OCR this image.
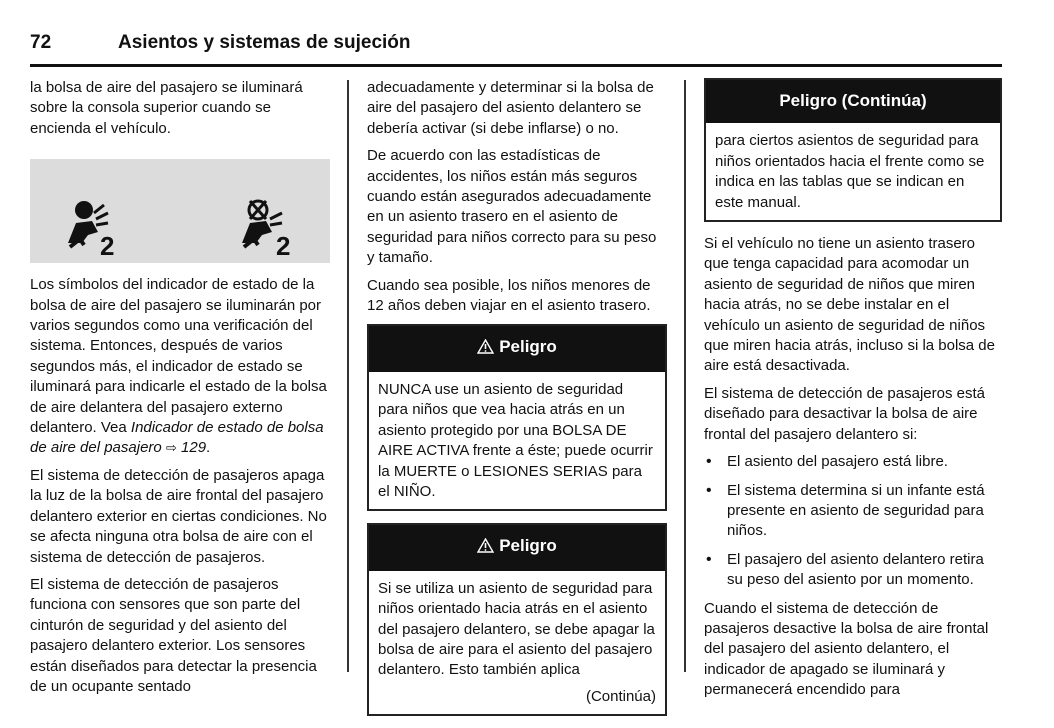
72	Asientos y sistemas de sujeción

la bolsa de aire del pasajero se iluminará sobre la consola superior cuando se encienda el vehículo.

2	2

Los símbolos del indicador de estado de la bolsa de aire del pasajero se iluminarán por varios segundos como una verificación del sistema. Entonces, después de varios segundos más, el indicador de estado se iluminará para indicarle el estado de la bolsa de aire delantera del pasajero externo delantero. Vea Indicador de estado de bolsa de aire del pasajero ⇨ 129.

El sistema de detección de pasajeros apaga la luz de la bolsa de aire frontal del pasajero delantero exterior en ciertas condiciones. No se afecta ninguna otra bolsa de aire con el sistema de detección de pasajeros.

El sistema de detección de pasajeros funciona con sensores que son parte del cinturón de seguridad y del asiento del pasajero delantero exterior. Los sensores están diseñados para detectar la presencia de un ocupante sentado

adecuadamente y determinar si la bolsa de aire del pasajero del asiento delantero se debería activar (si debe inflarse) o no.

De acuerdo con las estadísticas de accidentes, los niños están más seguros cuando están asegurados adecuadamente en un asiento trasero en el asiento de seguridad para niños correcto para su peso y tamaño.

Cuando sea posible, los niños menores de 12 años deben viajar en el asiento trasero.

Peligro
NUNCA use un asiento de seguridad para niños que vea hacia atrás en un asiento protegido por una BOLSA DE AIRE ACTIVA frente a éste; puede ocurrir la MUERTE o LESIONES SERIAS para el NIÑO.
Peligro
Si se utiliza un asiento de seguridad para niños orientado hacia atrás en el asiento del pasajero delantero, se debe apagar la bolsa de aire para el asiento del pasajero delantero. Esto también aplica
(Continúa)
Peligro (Continúa)
para ciertos asientos de seguridad para niños orientados hacia el frente como se indica en las tablas que se indican en este manual.

Si el vehículo no tiene un asiento trasero que tenga capacidad para acomodar un asiento de seguridad de niños que miren hacia atrás, no se debe instalar en el vehículo un asiento de seguridad de niños que miren hacia atrás, incluso si la bolsa de aire está desactivada.

El sistema de detección de pasajeros está diseñado para desactivar la bolsa de aire frontal del pasajero delantero si:

• El asiento del pasajero está libre.
• El sistema determina si un infante está presente en asiento de seguridad para niños.
• El pasajero del asiento delantero retira su peso del asiento por un momento.

Cuando el sistema de detección de pasajeros desactive la bolsa de aire frontal del pasajero del asiento delantero, el indicador de apagado se iluminará y permanecerá encendido para
